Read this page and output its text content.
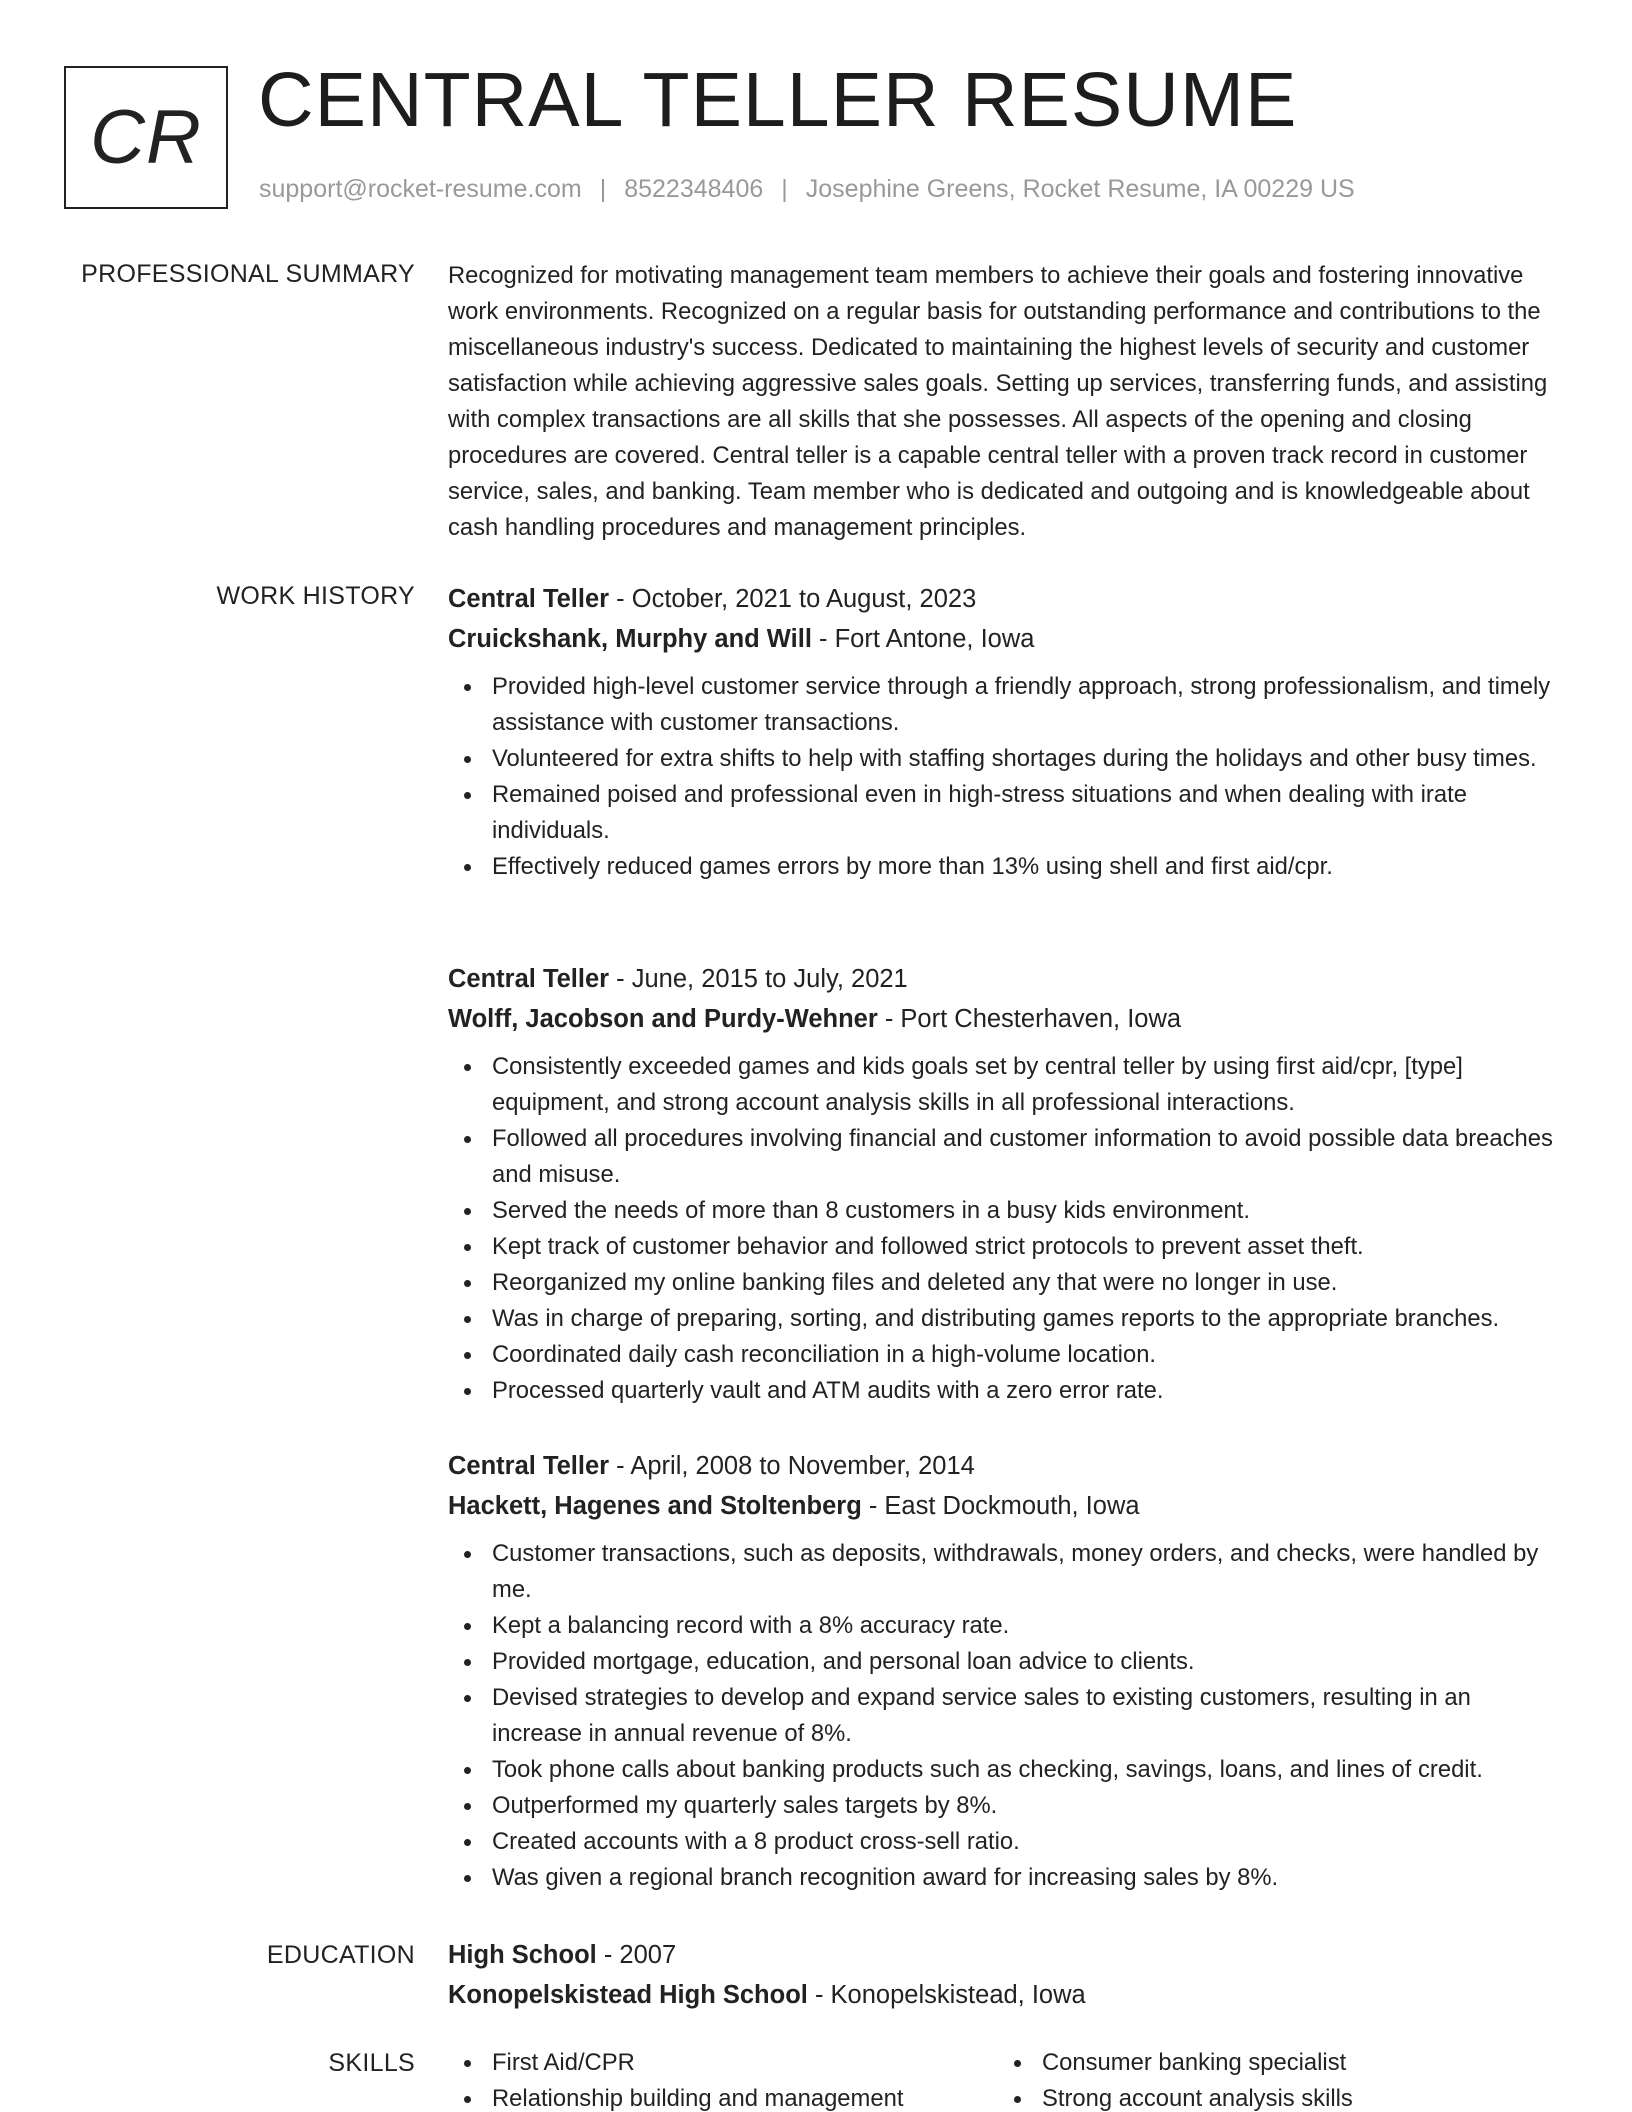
CR CENTRAL TELLER RESUME
support@rocket-resume.com | 8522348406 | Josephine Greens, Rocket Resume, IA 00229 US
PROFESSIONAL SUMMARY Recognized for motivating management team members to achieve their goals and fostering innovative work environments. Recognized on a regular basis for outstanding performance and contributions to the miscellaneous industry's success. Dedicated to maintaining the highest levels of security and customer satisfaction while achieving aggressive sales goals. Setting up services, transferring funds, and assisting with complex transactions are all skills that she possesses. All aspects of the opening and closing procedures are covered. Central teller is a capable central teller with a proven track record in customer service, sales, and banking. Team member who is dedicated and outgoing and is knowledgeable about cash handling procedures and management principles.
WORK HISTORY Central Teller - October, 2021 to August, 2023
Cruickshank, Murphy and Will - Fort Antone, Iowa
Provided high-level customer service through a friendly approach, strong professionalism, and timely assistance with customer transactions.
Volunteered for extra shifts to help with staffing shortages during the holidays and other busy times.
Remained poised and professional even in high-stress situations and when dealing with irate individuals.
Effectively reduced games errors by more than 13% using shell and first aid/cpr.
Central Teller - June, 2015 to July, 2021
Wolff, Jacobson and Purdy-Wehner - Port Chesterhaven, Iowa
Consistently exceeded games and kids goals set by central teller by using first aid/cpr, [type] equipment, and strong account analysis skills in all professional interactions.
Followed all procedures involving financial and customer information to avoid possible data breaches and misuse.
Served the needs of more than 8 customers in a busy kids environment.
Kept track of customer behavior and followed strict protocols to prevent asset theft.
Reorganized my online banking files and deleted any that were no longer in use.
Was in charge of preparing, sorting, and distributing games reports to the appropriate branches.
Coordinated daily cash reconciliation in a high-volume location.
Processed quarterly vault and ATM audits with a zero error rate.
Central Teller - April, 2008 to November, 2014
Hackett, Hagenes and Stoltenberg - East Dockmouth, Iowa
Customer transactions, such as deposits, withdrawals, money orders, and checks, were handled by me.
Kept a balancing record with a 8% accuracy rate.
Provided mortgage, education, and personal loan advice to clients.
Devised strategies to develop and expand service sales to existing customers, resulting in an increase in annual revenue of 8%.
Took phone calls about banking products such as checking, savings, loans, and lines of credit.
Outperformed my quarterly sales targets by 8%.
Created accounts with a 8 product cross-sell ratio.
Was given a regional branch recognition award for increasing sales by 8%.
EDUCATION High School - 2007
Konopelskistead High School - Konopelskistead, Iowa
SKILLS	First Aid/CPR
Relationship building and management
Consumer banking specialist
Strong account analysis skills
